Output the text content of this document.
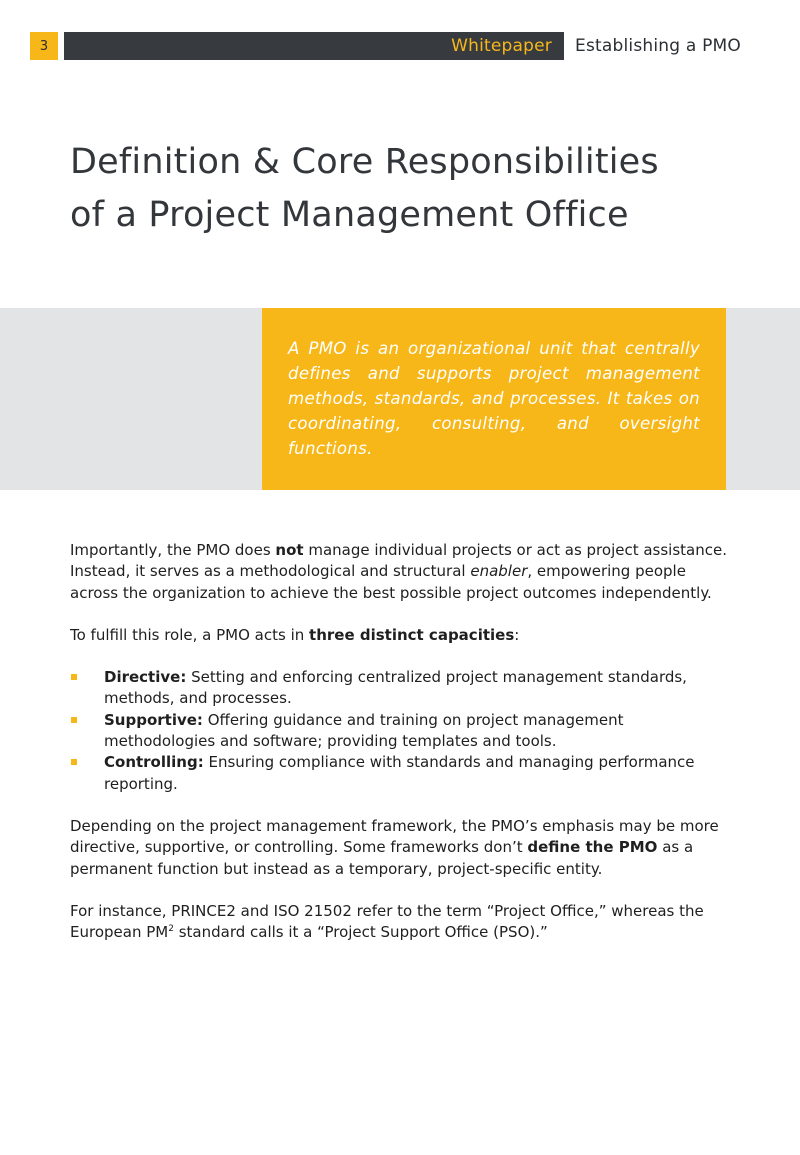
3	Whitepaper	Establishing a PMO
Definition & Core Responsibilities
of a Project Management Office

A PMO is an organizational unit that centrally defines and supports project management methods, standards, and processes. It takes on coordinating, consulting, and oversight functions.

Importantly, the PMO does not manage individual projects or act as project assistance. Instead, it serves as a methodological and structural enabler, empowering people across the organization to achieve the best possible project outcomes independently.

To fulfill this role, a PMO acts in three distinct capacities:

Directive: Setting and enforcing centralized project management standards, methods, and processes.
Supportive: Offering guidance and training on project management methodologies and software; providing templates and tools.
Controlling: Ensuring compliance with standards and managing performance reporting.

Depending on the project management framework, the PMO’s emphasis may be more directive, supportive, or controlling. Some frameworks don’t define the PMO as a permanent function but instead as a temporary, project-specific entity.

For instance, PRINCE2 and ISO 21502 refer to the term “Project Office,” whereas the European $PM^2$ standard calls it a “Project Support Office (PSO).”
